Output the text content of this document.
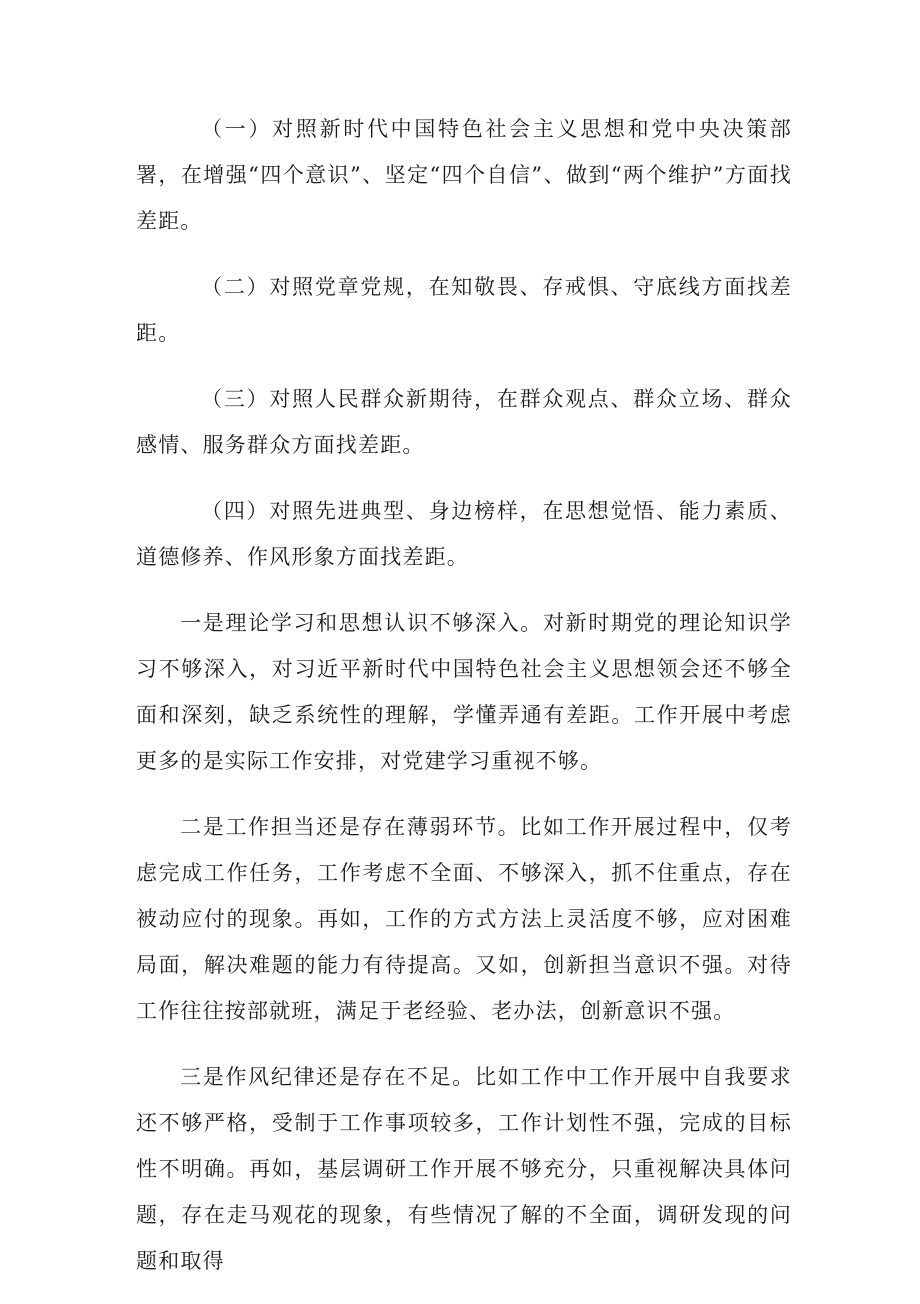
（一）对照新时代中国特色社会主义思想和党中央决策部署，在增强“四个意识”、坚定“四个自信”、做到“两个维护”方面找差距。

（二）对照党章党规，在知敬畏、存戒惧、守底线方面找差距。

（三）对照人民群众新期待，在群众观点、群众立场、群众感情、服务群众方面找差距。

（四）对照先进典型、身边榜样，在思想觉悟、能力素质、道德修养、作风形象方面找差距。

一是理论学习和思想认识不够深入。对新时期党的理论知识学习不够深入，对习近平新时代中国特色社会主义思想领会还不够全面和深刻，缺乏系统性的理解，学懂弄通有差距。工作开展中考虑更多的是实际工作安排，对党建学习重视不够。

二是工作担当还是存在薄弱环节。比如工作开展过程中，仅考虑完成工作任务，工作考虑不全面、不够深入，抓不住重点，存在被动应付的现象。再如，工作的方式方法上灵活度不够，应对困难局面，解决难题的能力有待提高。又如，创新担当意识不强。对待工作往往按部就班，满足于老经验、老办法，创新意识不强。

三是作风纪律还是存在不足。比如工作中工作开展中自我要求还不够严格，受制于工作事项较多，工作计划性不强，完成的目标性不明确。再如，基层调研工作开展不够充分，只重视解决具体问题，存在走马观花的现象，有些情况了解的不全面，调研发现的问题和取得
